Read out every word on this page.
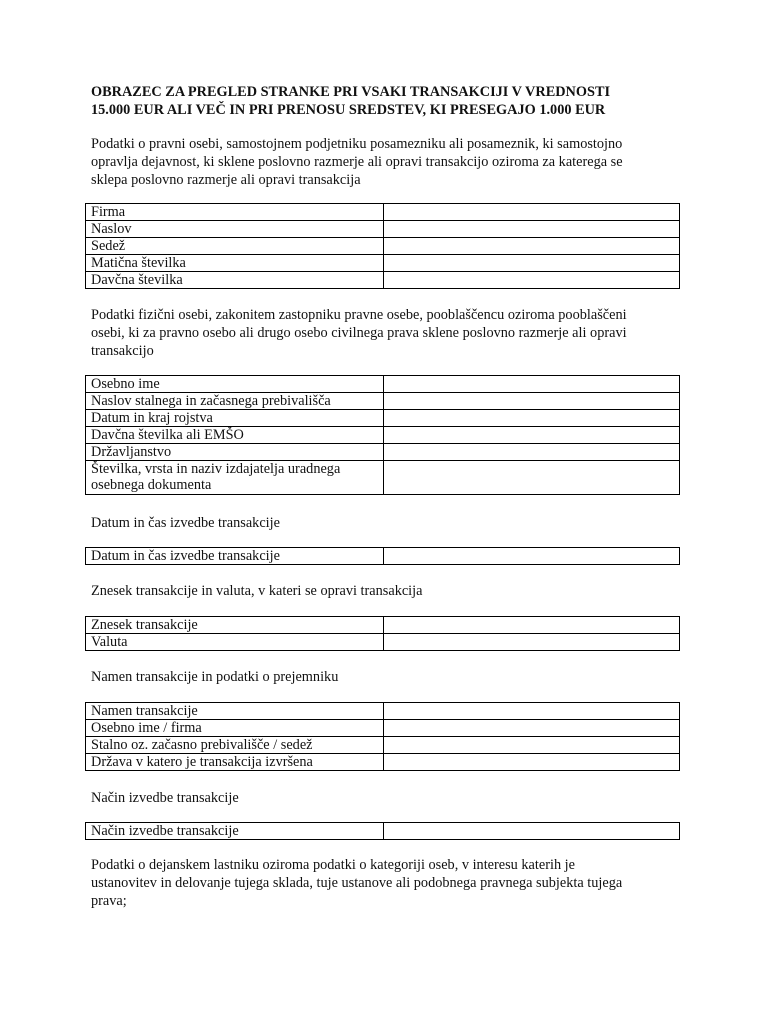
OBRAZEC ZA PREGLED STRANKE PRI VSAKI TRANSAKCIJI V VREDNOSTI
15.000 EUR ALI VEČ IN PRI PRENOSU SREDSTEV, KI PRESEGAJO 1.000 EUR
Podatki o pravni osebi, samostojnem podjetniku posamezniku ali posameznik, ki samostojno
opravlja dejavnost, ki sklene poslovno razmerje ali opravi transakcijo oziroma za katerega se
sklepa poslovno razmerje ali opravi transakcija
Firma	
Naslov	
Sedež	
Matična številka	
Davčna številka	
Podatki fizični osebi, zakonitem zastopniku pravne osebe, pooblaščencu oziroma pooblaščeni
osebi, ki za pravno osebo ali drugo osebo civilnega prava sklene poslovno razmerje ali opravi
transakcijo
Osebno ime	
Naslov stalnega in začasnega prebivališča	
Datum in kraj rojstva	
Davčna številka ali EMŠO	
Državljanstvo	

Številka, vrsta in naziv izdajatelja uradnega
osebnega dokumenta	

Datum in čas izvedbe transakcije
Datum in čas izvedbe transakcije	
Znesek transakcije in valuta, v kateri se opravi transakcija
Znesek transakcije	
Valuta	
Namen transakcije in podatki o prejemniku
Namen transakcije	
Osebno ime / firma	
Stalno oz. začasno prebivališče / sedež	
Država v katero je transakcija izvršena	
Način izvedbe transakcije
Način izvedbe transakcije	
Podatki o dejanskem lastniku oziroma podatki o kategoriji oseb, v interesu katerih je
ustanovitev in delovanje tujega sklada, tuje ustanove ali podobnega pravnega subjekta tujega
prava;
